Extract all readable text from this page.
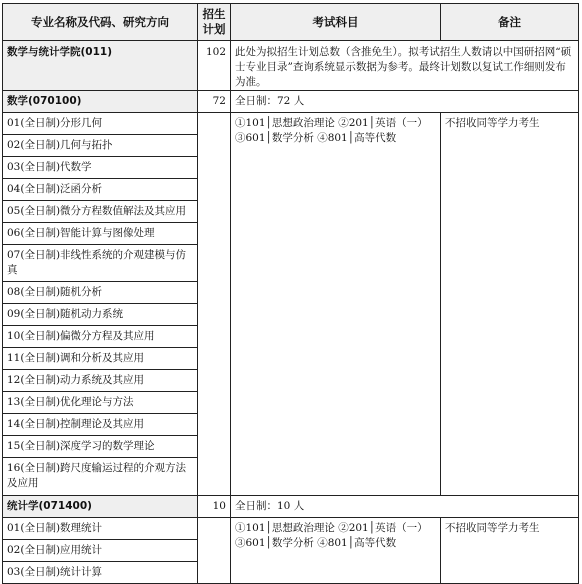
专业名称及代码、研究方向	招生计划	考试科目	备注
数学与统计学院(011)	102	此处为拟招生计划总数（含推免生）。拟考试招生人数请以中国研招网“硕士专业目录”查询系统显示数据为参考。最终计划数以复试工作细则发布为准。	
数学(070100)	72	全日制：72 人	
01(全日制)分形几何		①101│思想政治理论 ②201│英语（一）
③601│数学分析 ④801│高等代数	不招收同等学力考生
02(全日制)几何与拓扑			
03(全日制)代数学			
04(全日制)泛函分析			
05(全日制)微分方程数值解法及其应用			
06(全日制)智能计算与图像处理			
07(全日制)非线性系统的介观建模与仿真			
08(全日制)随机分析			
09(全日制)随机动力系统			
10(全日制)偏微分方程及其应用			
11(全日制)调和分析及其应用			
12(全日制)动力系统及其应用			
13(全日制)优化理论与方法			
14(全日制)控制理论及其应用			
15(全日制)深度学习的数学理论			
16(全日制)跨尺度输运过程的介观方法及应用			
统计学(071400)	10	全日制：10 人	
01(全日制)数理统计		①101│思想政治理论 ②201│英语（一）
③601│数学分析 ④801│高等代数	不招收同等学力考生
02(全日制)应用统计			
03(全日制)统计计算			
